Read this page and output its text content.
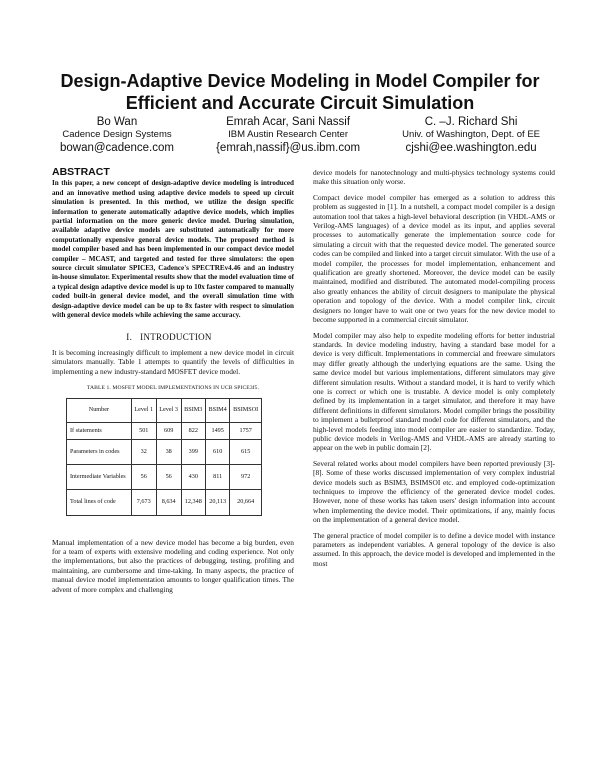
Design-Adaptive Device Modeling in Model Compiler for Efficient and Accurate Circuit Simulation
Bo Wan
Cadence Design Systems
bowan@cadence.com
Emrah Acar, Sani Nassif
IBM Austin Research Center
{emrah,nassif}@us.ibm.com
C. –J. Richard Shi
Univ. of Washington, Dept. of EE
cjshi@ee.washington.edu
ABSTRACT

In this paper, a new concept of design-adaptive device modeling is introduced and an innovative method using adaptive device models to speed up circuit simulation is presented. In this method, we utilize the design specific information to generate automatically adaptive device models, which implies partial information on the more generic device model. During simulation, available adaptive device models are substituted automatically for more computationally expensive general device models. The proposed method is model compiler based and has been implemented in our compact device model compiler – MCAST, and targeted and tested for three simulators: the open source circuit simulator SPICE3, Cadence's SPECTREv4.46 and an industry in-house simulator. Experimental results show that the model evaluation time of a typical design adaptive device model is up to 10x faster compared to manually coded built-in general device model, and the overall simulation time with design-adaptive device model can be up to 8x faster with respect to simulation with general device models while achieving the same accuracy.

I. INTRODUCTION

It is becoming increasingly difficult to implement a new device model in circuit simulators manually. Table 1 attempts to quantify the levels of difficulties in implementing a new industry-standard MOSFET device model.

TABLE 1. MOSFET MODEL IMPLEMENTATIONS IN UCB SPICE3f5.
Number	Level 1	Level 3	BSIM3	BSIM4	BSIMSOI
If statements	501	609	822	1495	1757
Parameters in codes	32	38	399	610	615
Intermediate Variables	56	56	430	811	972
Total lines of code	7,673	8,634	12,348	20,113	20,664

Manual implementation of a new device model has become a big burden, even for a team of experts with extensive modeling and coding experience. Not only the implementations, but also the practices of debugging, testing, profiling and maintaining, are cumbersome and time-taking. In many aspects, the practice of manual device model implementation amounts to longer qualification times. The advent of more complex and challenging

device models for nanotechnology and multi-physics technology systems could make this situation only worse.

Compact device model compiler has emerged as a solution to address this problem as suggested in [1]. In a nutshell, a compact model compiler is a design automation tool that takes a high-level behavioral description (in VHDL-AMS or Verilog-AMS languages) of a device model as its input, and applies several processes to automatically generate the implementation source code for simulating a circuit with that the requested device model. The generated source codes can be compiled and linked into a target circuit simulator. With the use of a model compiler, the processes for model implementation, enhancement and qualification are greatly shortened. Moreover, the device model can be easily maintained, modified and distributed. The automated model-compiling process also greatly enhances the ability of circuit designers to manipulate the physical operation and topology of the device. With a model compiler link, circuit designers no longer have to wait one or two years for the new device model to become supported in a commercial circuit simulator.

Model compiler may also help to expedite modeling efforts for better industrial standards. In device modeling industry, having a standard base model for a device is very difficult. Implementations in commercial and freeware simulators may differ greatly although the underlying equations are the same. Using the same device model but various implementations, different simulators may give different simulation results. Without a standard model, it is hard to verify which one is correct or which one is trustable. A device model is only completely defined by its implementation in a target simulator, and therefore it may have different definitions in different simulators. Model compiler brings the possibility to implement a bulletproof standard model code for different simulators, and the high-level models feeding into model compiler are easier to standardize. Today, public device models in Verilog-AMS and VHDL-AMS are already starting to appear on the web in public domain [2].

Several related works about model compilers have been reported previously [3]-[8]. Some of these works discussed implementation of very complex industrial device models such as BSIM3, BSIMSOI etc. and employed code-optimization techniques to improve the efficiency of the generated device model codes. However, none of these works has taken users' design information into account when implementing the device model. Their optimizations, if any, mainly focus on the implementation of a general device model.

The general practice of model compiler is to define a device model with instance parameters as independent variables. A general topology of the device is also assumed. In this approach, the device model is developed and implemented in the most
